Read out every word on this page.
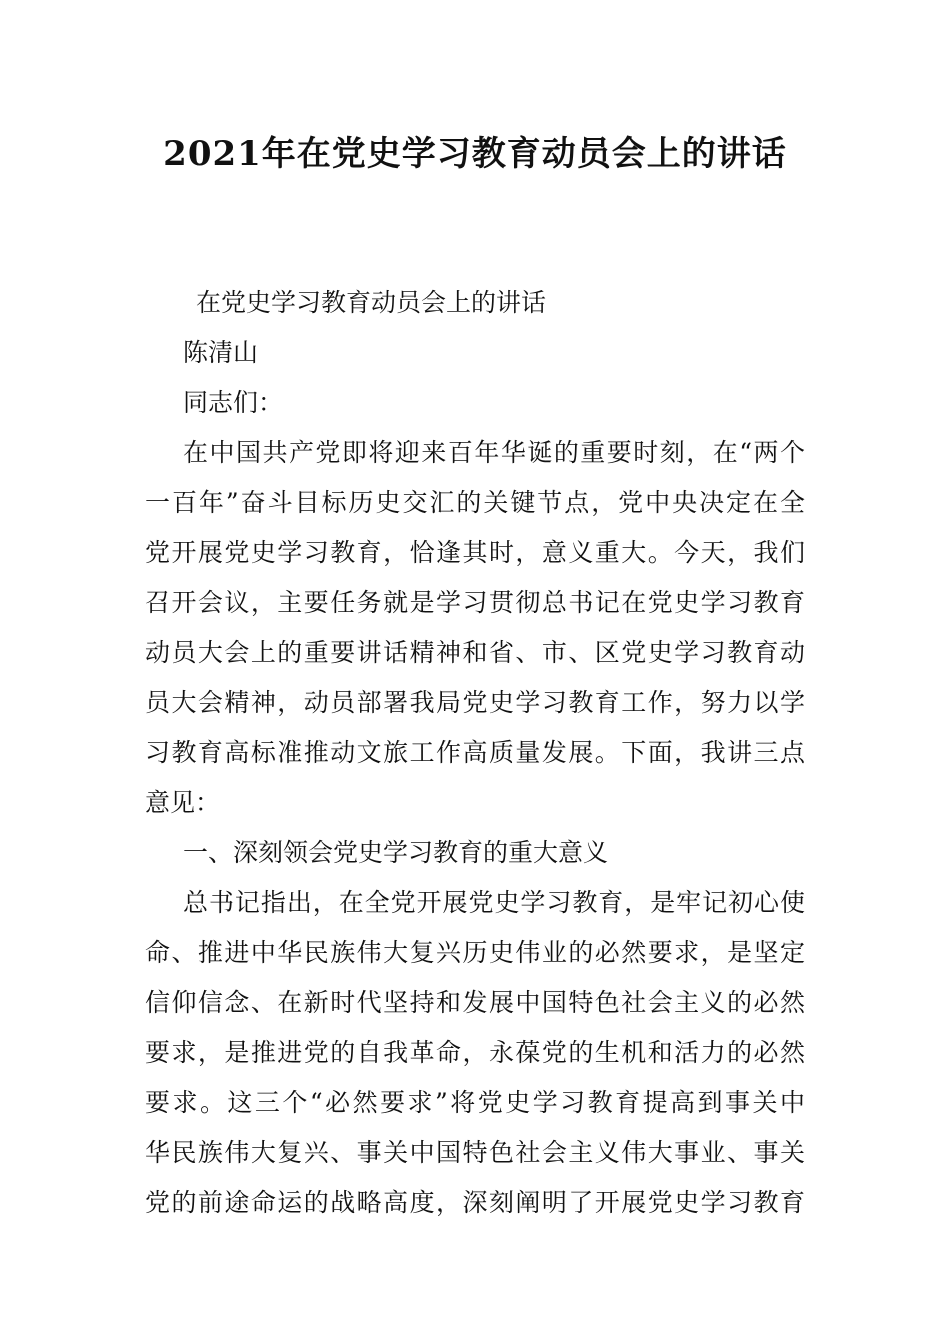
2021年在党史学习教育动员会上的讲话

在党史学习教育动员会上的讲话

陈清山

同志们：

在中国共产党即将迎来百年华诞的重要时刻，在“两个

一百年”奋斗目标历史交汇的关键节点，党中央决定在全

党开展党史学习教育，恰逢其时，意义重大。今天，我们

召开会议，主要任务就是学习贯彻总书记在党史学习教育

动员大会上的重要讲话精神和省、市、区党史学习教育动

员大会精神，动员部署我局党史学习教育工作，努力以学

习教育高标准推动文旅工作高质量发展。下面，我讲三点

意见：

一、深刻领会党史学习教育的重大意义

总书记指出，在全党开展党史学习教育，是牢记初心使

命、推进中华民族伟大复兴历史伟业的必然要求，是坚定

信仰信念、在新时代坚持和发展中国特色社会主义的必然

要求，是推进党的自我革命，永葆党的生机和活力的必然

要求。这三个“必然要求”将党史学习教育提高到事关中

华民族伟大复兴、事关中国特色社会主义伟大事业、事关

党的前途命运的战略高度，深刻阐明了开展党史学习教育
